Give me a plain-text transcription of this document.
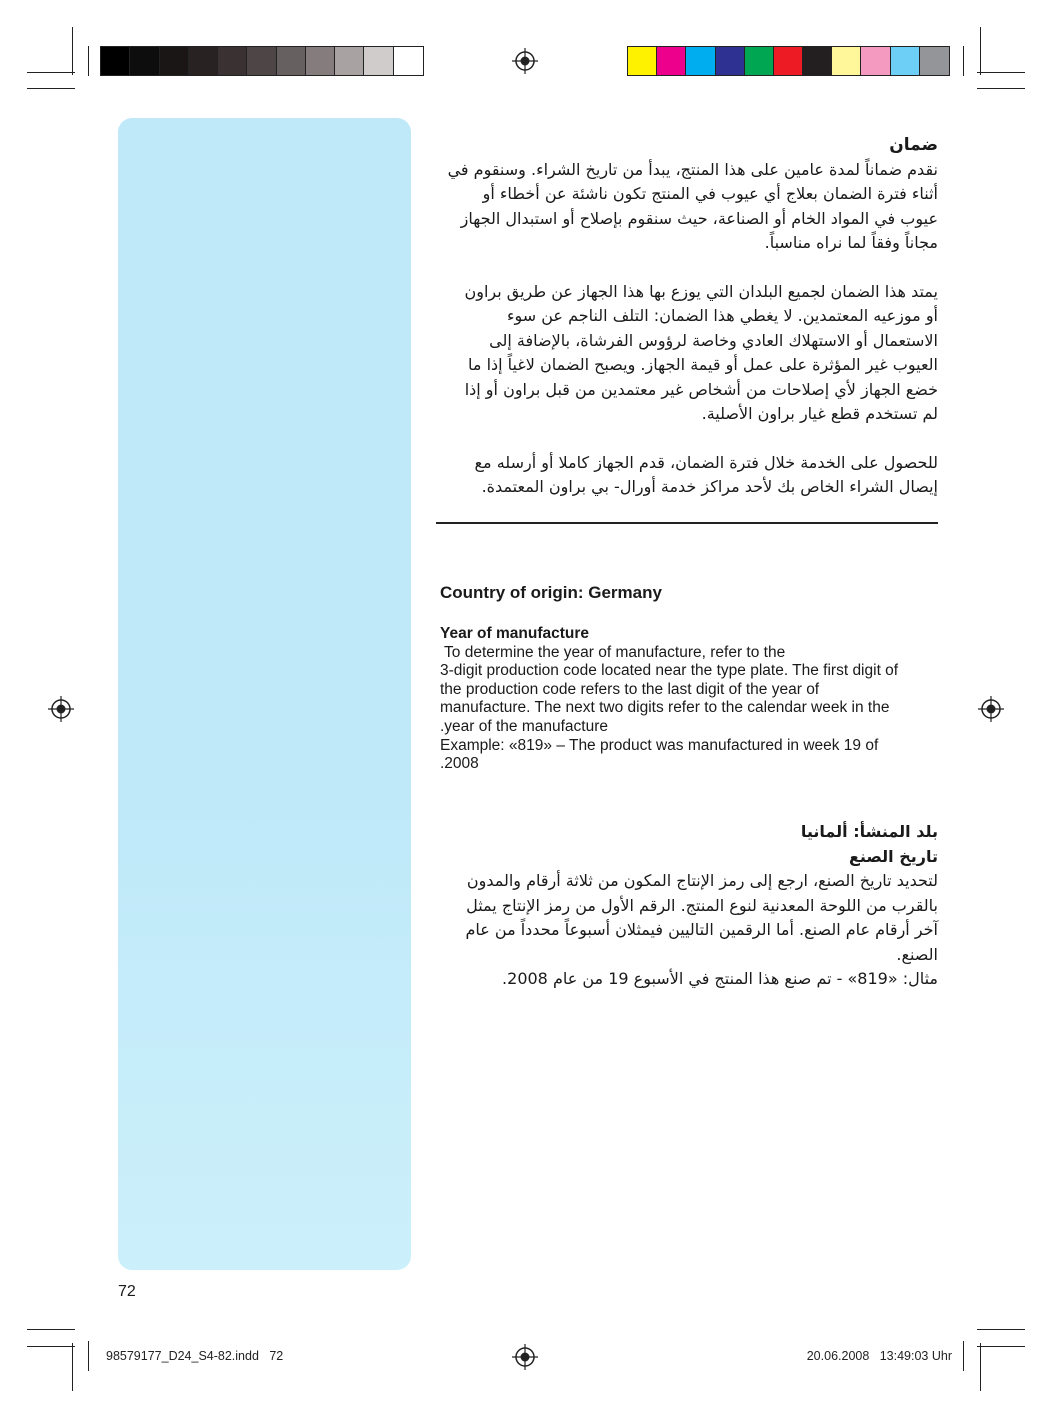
ضمان

نقدم ضماناً لمدة عامين على هذا المنتج، يبدأ من تاريخ الشراء. وسنقوم في

أثناء فترة الضمان بعلاج أي عيوب في المنتج تكون ناشئة عن أخطاء أو

عيوب في المواد الخام أو الصناعة، حيث سنقوم بإصلاح أو استبدال الجهاز

مجاناً وفقاً لما نراه مناسباً.

يمتد هذا الضمان لجميع البلدان التي يوزع بها هذا الجهاز عن طريق براون

أو موزعيه المعتمدين. لا يغطي هذا الضمان: التلف الناجم عن سوء

الاستعمال أو الاستهلاك العادي وخاصة لرؤوس الفرشاة، بالإضافة إلى

العيوب غير المؤثرة على عمل أو قيمة الجهاز. ويصبح الضمان لاغياً إذا ما

خضع الجهاز لأي إصلاحات من أشخاص غير معتمدين من قبل براون أو إذا

لم تستخدم قطع غيار براون الأصلية.

للحصول على الخدمة خلال فترة الضمان، قدم الجهاز كاملا أو أرسله مع

إيصال الشراء الخاص بك لأحد مراكز خدمة أورال- بي براون المعتمدة.

Country of origin: Germany

Year of manufacture

To determine the year of manufacture, refer to the

3-digit production code located near the type plate. The first digit of

the production code refers to the last digit of the year of

manufacture. The next two digits refer to the calendar week in the

.year of the manufacture

Example: «819» – The product was manufactured in week 19 of

.2008

بلد المنشأ: ألمانيا

تاريخ الصنع

لتحديد تاريخ الصنع، ارجع إلى رمز الإنتاج المكون من ثلاثة أرقام والمدون

بالقرب من اللوحة المعدنية لنوع المنتج. الرقم الأول من رمز الإنتاج يمثل

آخر أرقام عام الصنع. أما الرقمين التاليين فيمثلان أسبوعاً محدداً من عام

الصنع.

مثال: «819» - تم صنع هذا المنتج في الأسبوع 19 من عام 2008.

72
98579177_D24_S4-82.indd   72	20.06.2008   13:49:03 Uhr
